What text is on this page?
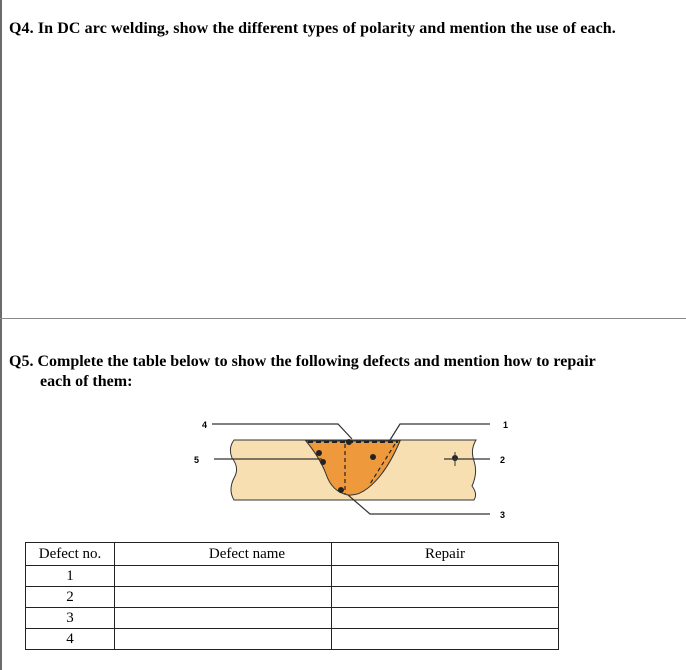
Q4. In DC arc welding, show the different types of polarity and mention the use of each.
Q5. Complete the table below to show the following defects and mention how to repair
each of them:
4	1
5	2
3
Defect no.	Defect name	Repair
1		
2		
3		
4		
